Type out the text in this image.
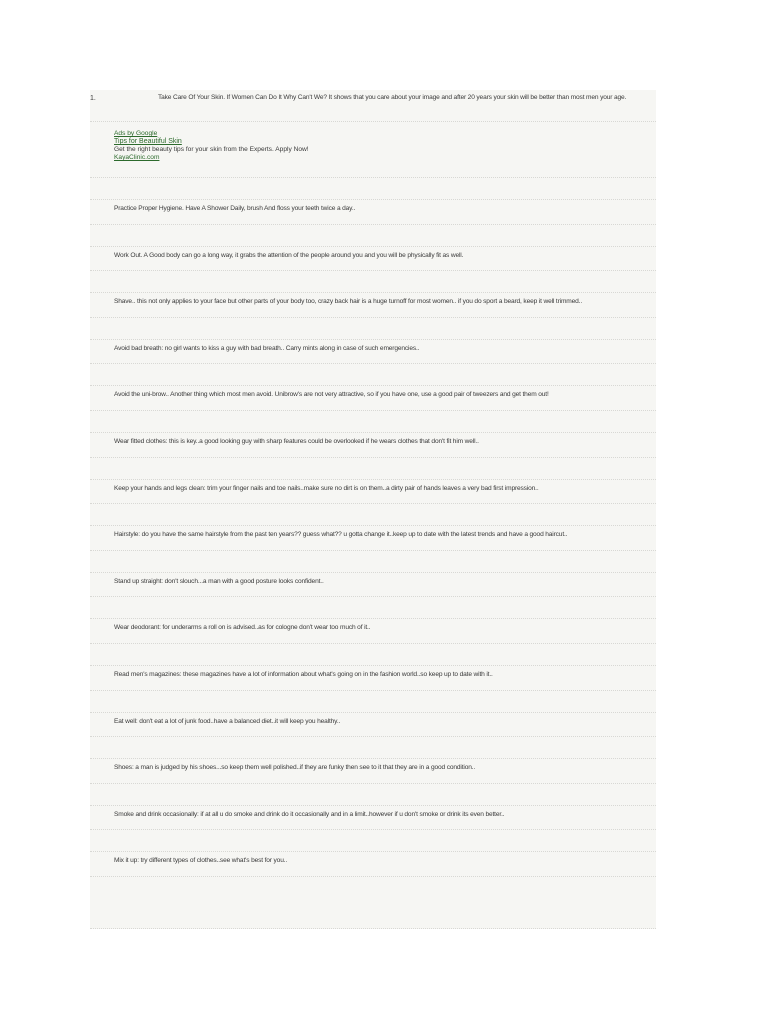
1.	Take Care Of Your Skin. If Women Can Do It Why Can't We? It shows that you care about your image and after 20 years your skin will be better than most men your age.
Ads by Google
Tips for Beautiful Skin
Get the right beauty tips for your skin from the Experts. Apply Now!
KayaClinic.com
Practice Proper Hygiene. Have A Shower Daily, brush And floss your teeth twice a day..
Work Out. A Good body can go a long way, it grabs the attention of the people around you and you will be physically fit as well.
Shave.. this not only applies to your face but other parts of your body too, crazy back hair is a huge turnoff for most women.. if you do sport a beard, keep it well trimmed..
Avoid bad breath: no girl wants to kiss a guy with bad breath.. Carry mints along in case of such emergencies..
Avoid the uni-brow.. Another thing which most men avoid. Unibrow's are not very attractive, so if you have one, use a good pair of tweezers and get them out!
Wear fitted clothes: this is key..a good looking guy with sharp features could be overlooked if he wears clothes that don't fit him well..
Keep your hands and legs clean: trim your finger nails and toe nails..make sure no dirt is on them..a dirty pair of hands leaves a very bad first impression..
Hairstyle: do you have the same hairstyle from the past ten years?? guess what?? u gotta change it..keep up to date with the latest trends and have a good haircut..
Stand up straight: don't slouch...a man with a good posture looks confident..
Wear deodorant: for underarms a roll on is advised..as for cologne don't wear too much of it..
Read men's magazines: these magazines have a lot of information about what's going on in the fashion world..so keep up to date with it..
Eat well: don't eat a lot of junk food..have a balanced diet..it will keep you healthy..
Shoes: a man is judged by his shoes...so keep them well polished..if they are funky then see to it that they are in a good condition..
Smoke and drink occasionally: if at all u do smoke and drink do it occasionally and in a limit..however if u don't smoke or drink its even better..
Mix it up: try different types of clothes..see what's best for you..
